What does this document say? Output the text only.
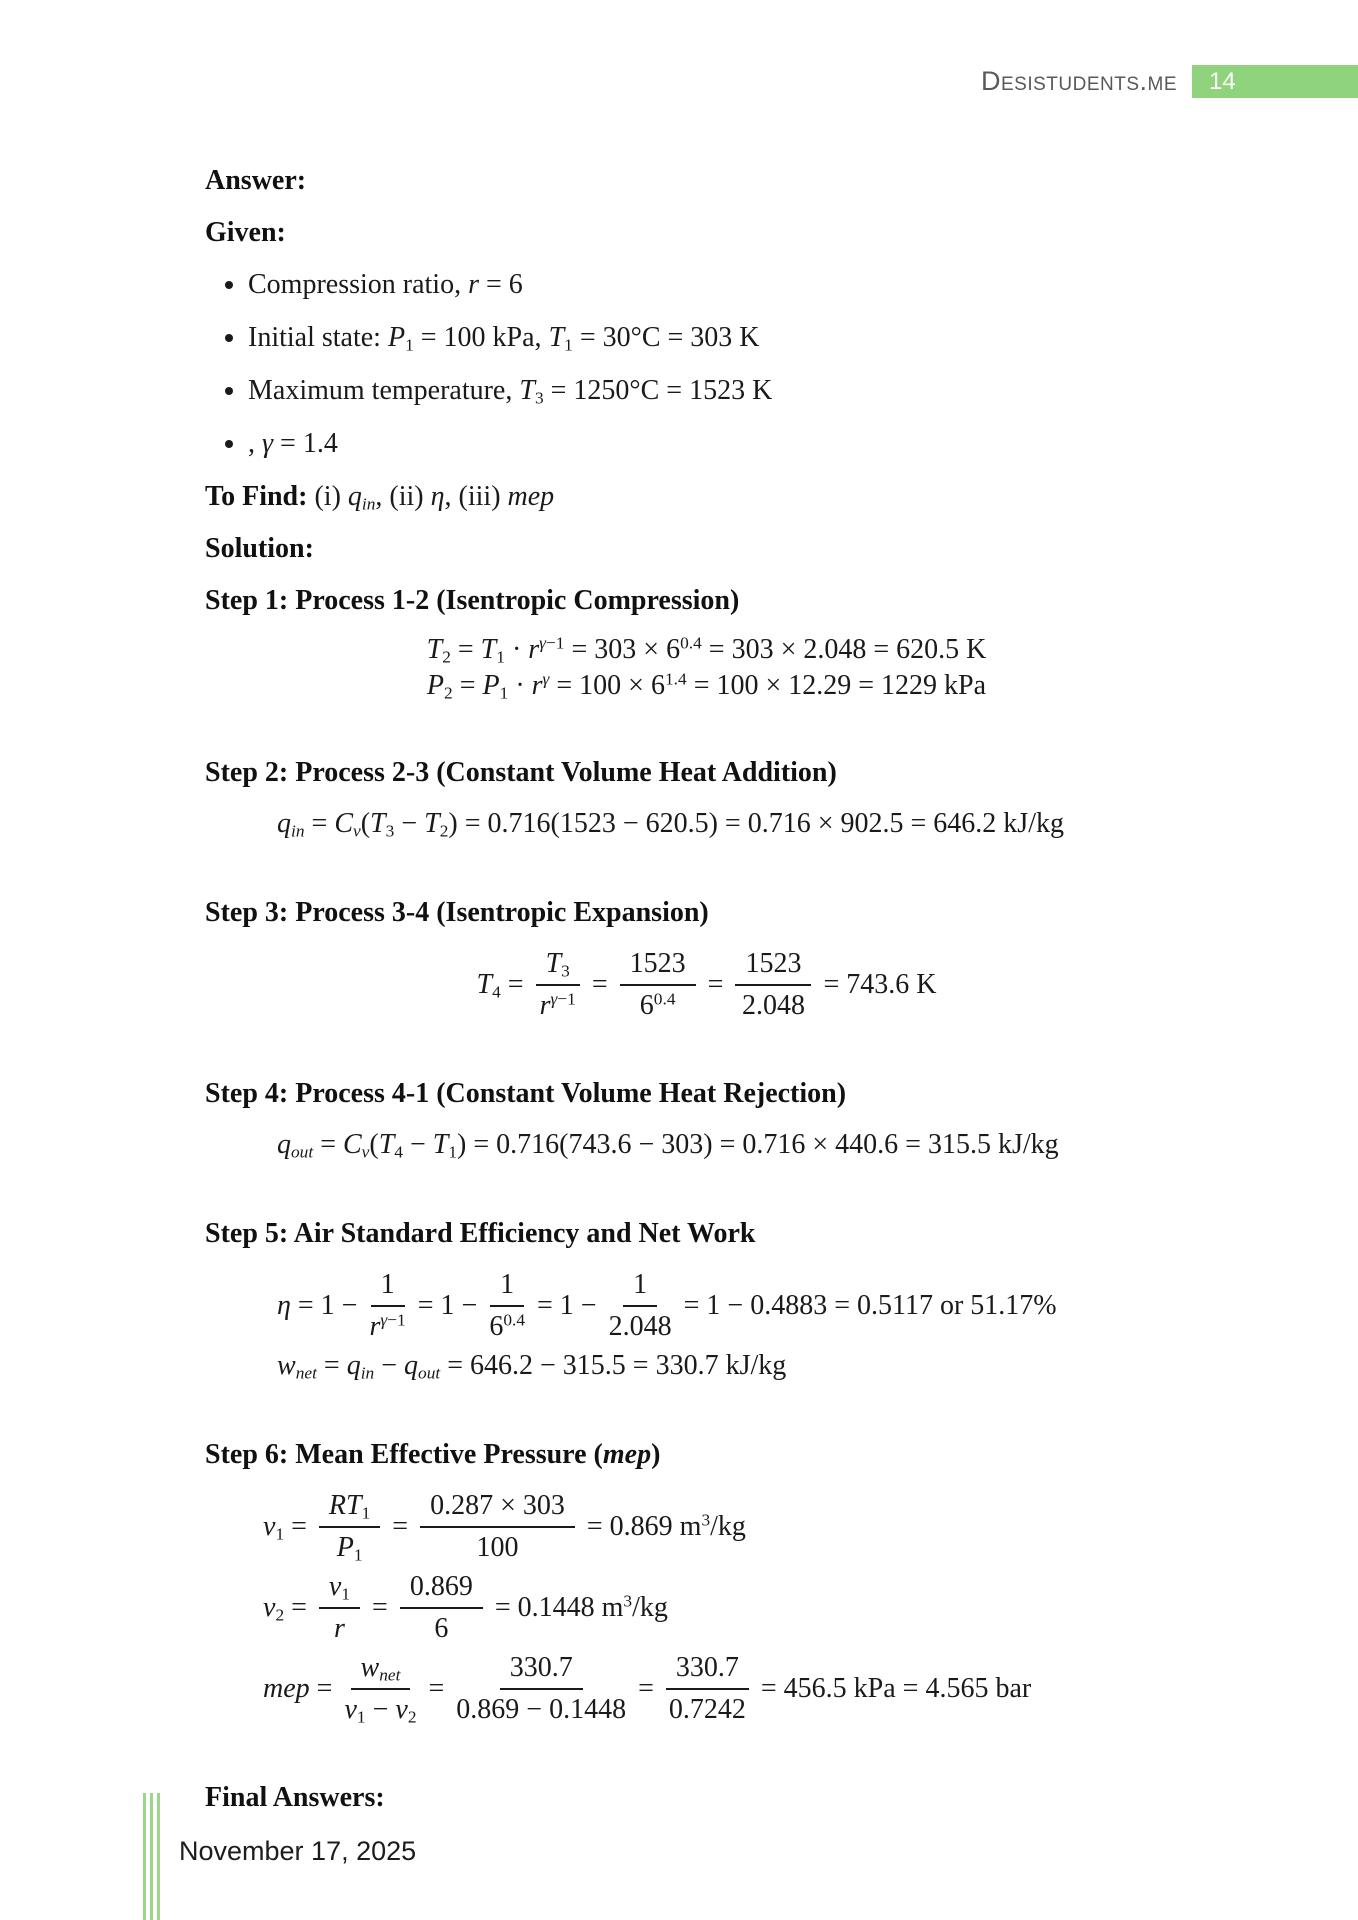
Desistudents.me	14

Answer:

Given:

• Compression ratio, r = 6
• Initial state: $P_1 = 100$ kPa, $T_1 = 30^\circ C = 303$ K
• Maximum temperature, $T_3 = 1250^\circ C = 1523$ K
• , γ = 1.4

To Find: (i) $q_{in}$, (ii) η, (iii) mep

Solution:

Step 1: Process 1-2 (Isentropic Compression)
$T_2 = T_1 \cdot r^{\gamma-1} = 303 \times 6^{0.4} = 303 \times 2.048 = 620.5$ K
$P_2 = P_1 \cdot r^\gamma = 100 \times 6^{1.4} = 100 \times 12.29 = 1229$ kPa
Step 2: Process 2-3 (Constant Volume Heat Addition)
$q_{in} = C_v(T_3 - T_2) = 0.716(1523 - 620.5) = 0.716 \times 902.5 = 646.2$ kJ/kg
Step 3: Process 3-4 (Isentropic Expansion)
$T_4 = \frac{T_3}{r^{\gamma-1}} = \frac{1523}{6^{0.4}} = \frac{1523}{2.048} = 743.6$ K
Step 4: Process 4-1 (Constant Volume Heat Rejection)
$q_{out} = C_v(T_4 - T_1) = 0.716(743.6 - 303) = 0.716 \times 440.6 = 315.5$ kJ/kg
Step 5: Air Standard Efficiency and Net Work
$\eta = 1 - \frac{1}{r^{\gamma-1}} = 1 - \frac{1}{6^{0.4}} = 1 - \frac{1}{2.048} = 1 - 0.4883 = 0.5117$ or 51.17%
$w_{net} = q_{in} - q_{out} = 646.2 - 315.5 = 330.7$ kJ/kg
Step 6: Mean Effective Pressure (mep)
$v_1 = \frac{RT_1}{P_1} = \frac{0.287 \times 303}{100} = 0.869$ $m^3/kg$
$v_2 = \frac{v_1}{r} = \frac{0.869}{6} = 0.1448$ $m^3/kg$
mep = $\frac{w_{net}}{v_1 - v_2} = \frac{330.7}{0.869 - 0.1448} = \frac{330.7}{0.7242} = 456.5$ kPa = 4.565 bar

Final Answers:

November 17, 2025
